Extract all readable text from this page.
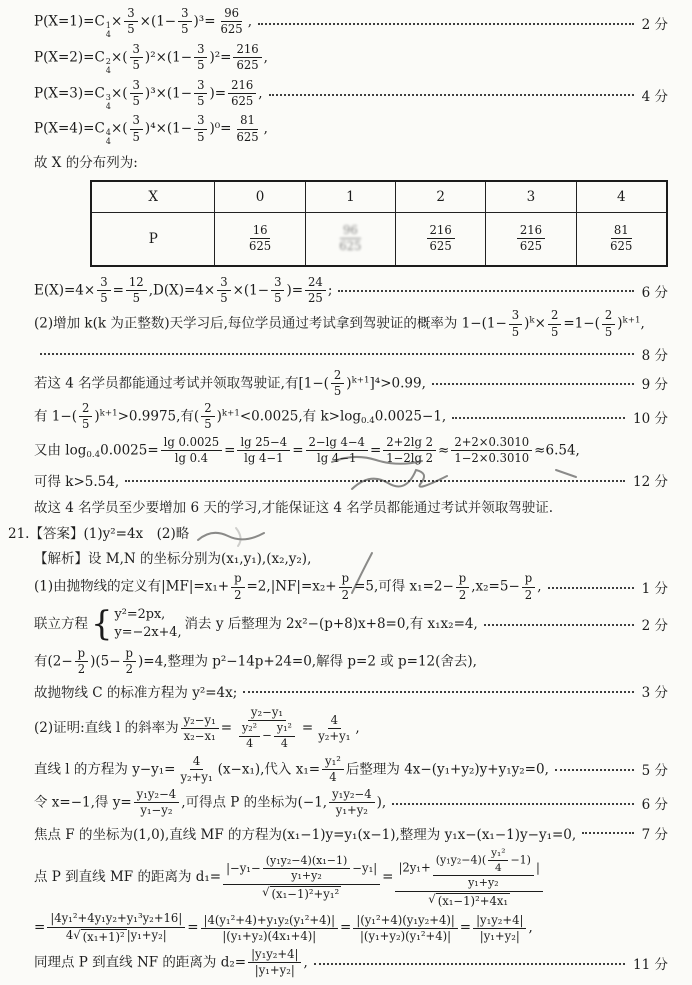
P(X=1)=C 1
4
× $\frac{3}{5} \times(1- \frac{3}{5} )^3= \frac{96}{625}$ ,	2 分
P(X=2)=C 2
4
×( $\frac{3}{5} )^2\times(1- \frac{3}{5} )^2= \frac{216}{625}$ ,
P(X=3)=C 3
4
×( $\frac{3}{5} )^3\times(1- \frac{3}{5}$ )= $\frac{216}{625}$ ,	4 分
P(X=4)=C 4
4
×( $\frac{3}{5} )^4\times(1- \frac{3}{5} )^0= \frac{81}{625}$ ,
故 X 的分布列为:
X	0	1	2	3	4
P	$\frac{16}{625}$	$\frac{96}{625}$	$\frac{216}{625}$	$\frac{216}{625}$	$\frac{81}{625}$
$E(X)=4\times \frac{3}{5} = \frac{12}{5} ,D(X)=4\times \frac{3}{5} \times(1- \frac{3}{5}$ )= $\frac{24}{25}$ ;	6 分
(2)增加 k(k 为正整数)天学习后,每位学员通过考试拿到驾驶证的概率为 $1-(1- \frac{3}{5} )^k\times \frac{2}{5} =1-( \frac{2}{5} )^{k+1}$,
8 分
若这 4 名学员都能通过考试并领取驾驶证,有$[1-( \frac{2}{5} )^{k+1}]^4>0.99$,	9 分
有 $1-( \frac{2}{5} )^{k+1}>0.9975$,有( $\frac{2}{5} )^{k+1}<0.0025$,有 $k>\log_{0.4}0.0025-1$,	10 分
又由 $\log_{0.4}0.0025= \frac{\lg 0.0025}{\lg 0.4} = \frac{\lg 25-4}{\lg 4-1} = \frac{2-\lg 4-4}{\lg 4-1} = \frac{2+2\lg 2}{1-2\lg 2} \approx \frac{2+2\times 0.3010}{1-2\times 0.3010} \approx 6.54$,
可得 k>5.54,	12 分
故这 4 名学员至少要增加 6 天的学习,才能保证这 4 名学员都能通过考试并领取驾驶证.
21.【答案】(1)y²=4x　(2)略
【解析】设 M,N 的坐标分别为(x₁,y₁),(x₂,y₂),
(1)由抛物线的定义有$|MF|=x_1+ \frac{p}{2} =2,|NF|=x_2+ \frac{p}{2} =5$,可得 $x_1=2- \frac{p}{2} ,x_2=5- \frac{p}{2}$ ,	1 分
联立方程 { y²=2px,
y=−2x+4,
消去 y 后整理为 2x²−(p+8)x+8=0,有 x₁x₂=4,	2 分
有$(2- \frac{p}{2} )(5- \frac{p}{2} )=4$,整理为 p²−14p+24=0,解得 p=2 或 p=12(舍去),
故抛物线 C 的标准方程为 y²=4x;	3 分
(2)证明:直线 l 的斜率为 $\frac{\text{y₂−y₁}}{\text{x₂−x₁}} = \frac{\text{y₂−y₁}}{\frac{\text{y₂²}}{4} - \frac{\text{y₁²}}{4}} = \frac{4}{\text{y₂+y₁}}$ ,
直线 l 的方程为 $y-y_1= \frac{4}{\text{y₂+y₁}} (x-x_1)$,代入 $x_1= \frac{\text{y₁²}}{4}$ 后整理为 4x−(y₁+y₂)y+y₁y₂=0,	5 分
令 x=−1,得 $y= \frac{\text{y₁y₂−4}}{\text{y₁−y₂}}$ ,可得点 P 的坐标为(−1, $\frac{\text{y₁y₂−4}}{\text{y₁+y₂}}$ ),	6 分
焦点 F 的坐标为(1,0),直线 MF 的方程为(x₁−1)y=y₁(x−1),整理为 y₁x−(x₁−1)y−y₁=0,	7 分
点 P 到直线 MF 的距离为 $d_1= \frac{|-y_1- \frac{\text{(y₁y₂−4)(x₁−1)}}{\text{y₁+y₂}} -y_1|}{\text{√ (x₁−1)²+y₁²}} = \frac{|2y_1+ \frac{(y_1y_2-4)( \frac{\text{y₁²}}{4} -1)}{\text{y₁+y₂}} |}{\text{√ (x₁−1)²+4x₁}}$
= $\frac{\text{|4y₁²+4y₁y₂+y₁³y₂+16|}}{\text{4 √ (x₁+1)² |y₁+y₂|}} = \frac{\text{|4(y₁²+4)+y₁y₂(y₁²+4)|}}{\text{|(y₁+y₂)(4x₁+4)|}} = \frac{\text{|(y₁²+4)(y₁y₂+4)|}}{\text{|(y₁+y₂)(y₁²+4)|}} = \frac{\text{|y₁y₂+4|}}{\text{|y₁+y₂|}}$ ,
同理点 P 到直线 NF 的距离为 $d_2= \frac{\text{|y₁y₂+4|}}{\text{|y₁+y₂|}}$ ,	11 分
